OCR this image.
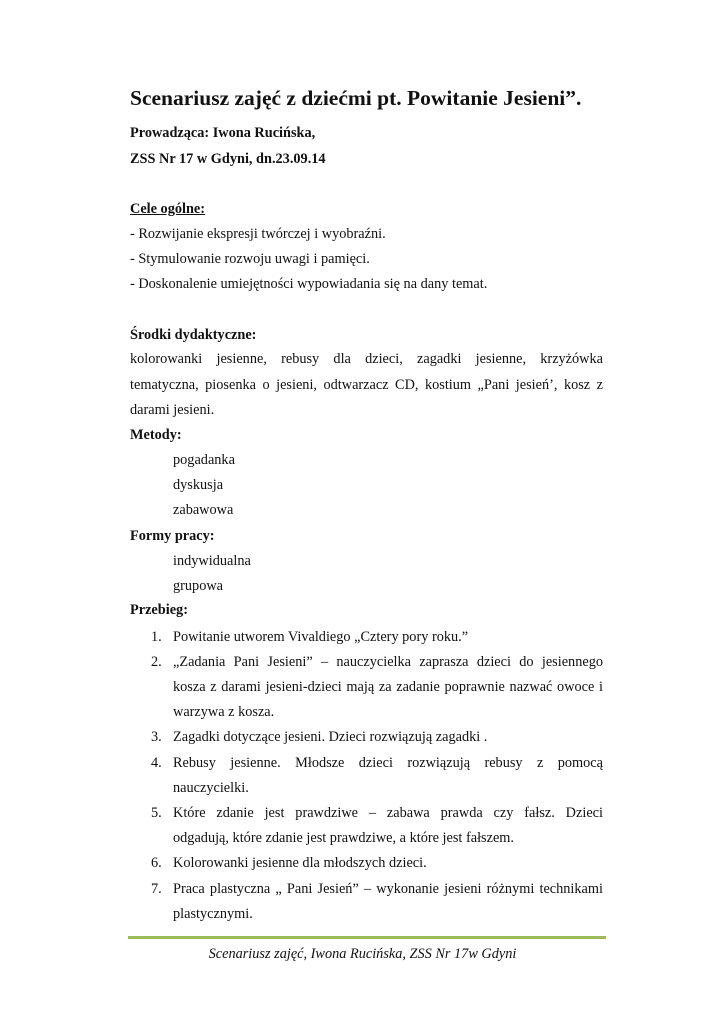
Scenariusz zajęć z dziećmi pt. Powitanie Jesieni”.
Prowadząca: Iwona Rucińska,
ZSS Nr 17 w Gdyni, dn.23.09.14
Cele ogólne:
- Rozwijanie ekspresji twórczej i wyobraźni.
- Stymulowanie rozwoju uwagi i pamięci.
- Doskonalenie umiejętności wypowiadania się na dany temat.
Środki dydaktyczne:
kolorowanki jesienne, rebusy dla dzieci, zagadki jesienne, krzyżówka
tematyczna, piosenka o jesieni, odtwarzacz CD, kostium „Pani jesień’, kosz z
darami jesieni.
Metody:
pogadanka
dyskusja
zabawowa
Formy pracy:
indywidualna
grupowa
Przebieg:
1. Powitanie utworem Vivaldiego „Cztery pory roku.”
2. „Zadania Pani Jesieni” – nauczycielka zaprasza dzieci do jesiennego
kosza z darami jesieni-dzieci mają za zadanie poprawnie nazwać owoce i
warzywa z kosza.
3. Zagadki dotyczące jesieni. Dzieci rozwiązują zagadki .
4. Rebusy jesienne. Młodsze dzieci rozwiązują rebusy z pomocą
nauczycielki.
5. Które zdanie jest prawdziwe – zabawa prawda czy fałsz. Dzieci
odgadują, które zdanie jest prawdziwe, a które jest fałszem.
6. Kolorowanki jesienne dla młodszych dzieci.
7. Praca plastyczna „ Pani Jesień” – wykonanie jesieni różnymi technikami
plastycznymi.
Scenariusz zajęć, Iwona Rucińska, ZSS Nr 17w Gdyni
